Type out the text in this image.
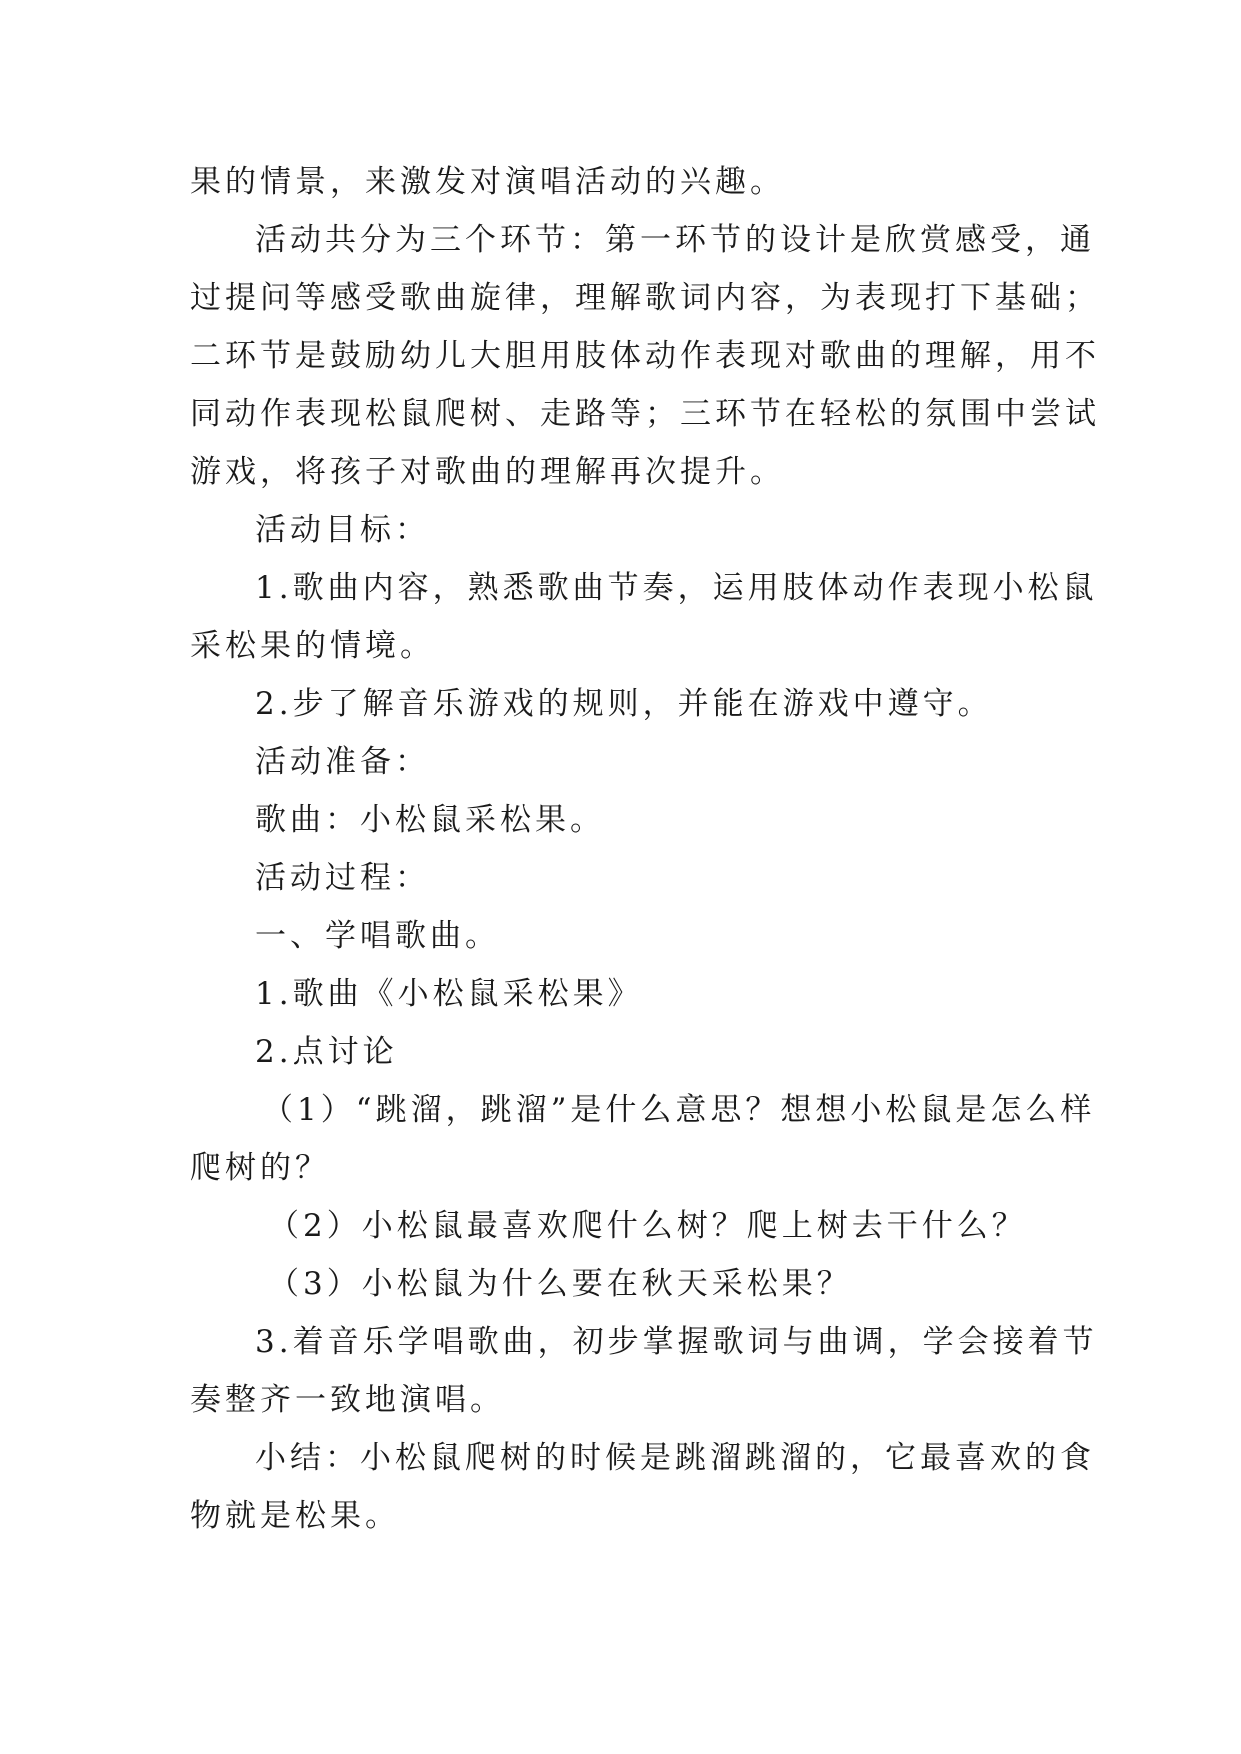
果的情景，来激发对演唱活动的兴趣。
活动共分为三个环节：第一环节的设计是欣赏感受，通
过提问等感受歌曲旋律，理解歌词内容，为表现打下基础；
二环节是鼓励幼儿大胆用肢体动作表现对歌曲的理解，用不
同动作表现松鼠爬树、走路等；三环节在轻松的氛围中尝试
游戏，将孩子对歌曲的理解再次提升。
活动目标：
1.歌曲内容，熟悉歌曲节奏，运用肢体动作表现小松鼠
采松果的情境。
2.步了解音乐游戏的规则，并能在游戏中遵守。
活动准备：
歌曲：小松鼠采松果。
活动过程：
一、学唱歌曲。
1.歌曲《小松鼠采松果》
2.点讨论
（1）“跳溜，跳溜”是什么意思？想想小松鼠是怎么样
爬树的？
（2）小松鼠最喜欢爬什么树？爬上树去干什么？
（3）小松鼠为什么要在秋天采松果？
3.着音乐学唱歌曲，初步掌握歌词与曲调，学会接着节
奏整齐一致地演唱。
小结：小松鼠爬树的时候是跳溜跳溜的，它最喜欢的食
物就是松果。
